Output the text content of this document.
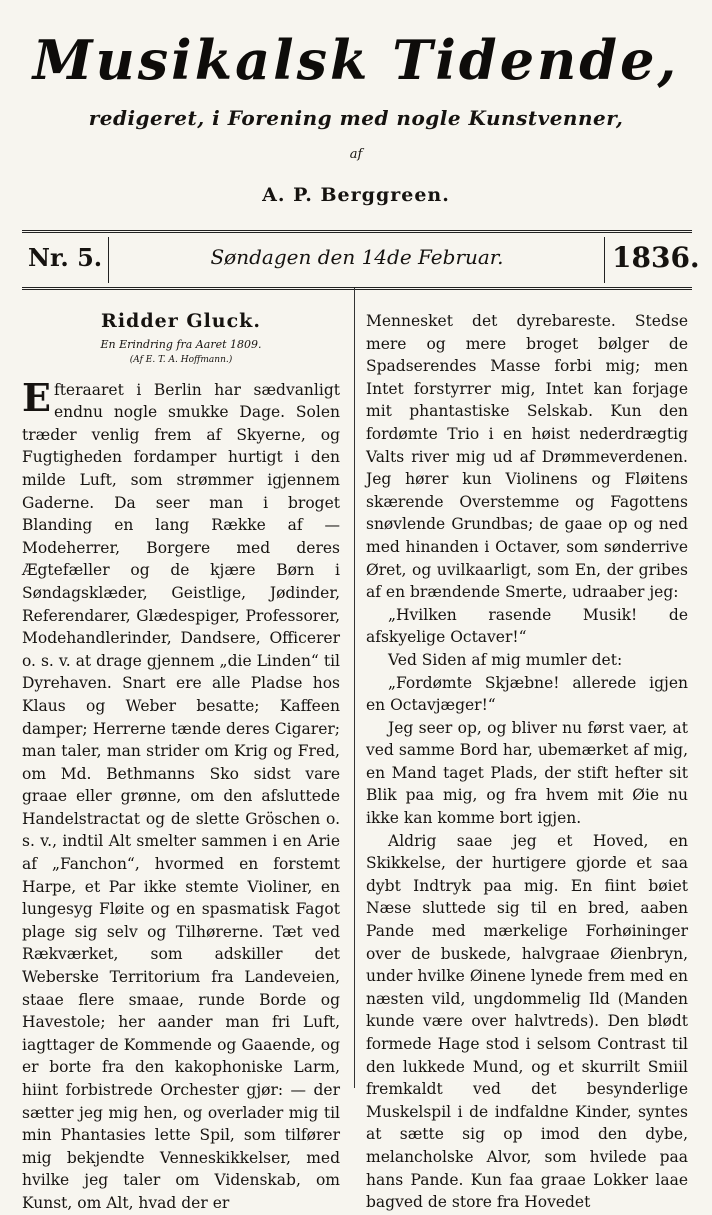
Musikalsk Tidende,
redigeret, i Forening med nogle Kunstvenner,
af
A. P. Berggreen.
Nr. 5.	Søndagen den 14de Februar.	1836.
Ridder Gluck.
En Erindring fra Aaret 1809.
(Af E. T. A. Hoffmann.)

Efteraaret i Berlin har sædvanligt endnu nogle smukke Dage. Solen træder venlig frem af Skyerne, og Fugtigheden fordamper hurtigt i den milde Luft, som strømmer igjennem Gaderne. Da seer man i broget Blanding en lang Række af — Modeherrer, Borgere med deres Ægtefæller og de kjære Børn i Søndagsklæder, Geistlige, Jødinder, Referendarer, Glædespiger, Professorer, Modehandlerinder, Dandsere, Officerer o. s. v. at drage gjennem „die Linden“ til Dyrehaven. Snart ere alle Pladse hos Klaus og Weber besatte; Kaffeen damper; Herrerne tænde deres Cigarer; man taler, man strider om Krig og Fred, om Md. Bethmanns Sko sidst vare graae eller grønne, om den afsluttede Handelstractat og de slette Gröschen o. s. v., indtil Alt smelter sammen i en Arie af „Fanchon“, hvormed en forstemt Harpe, et Par ikke stemte Violiner, en lungesyg Fløite og en spasmatisk Fagot plage sig selv og Tilhørerne. Tæt ved Rækværket, som adskiller det Weberske Territorium fra Landeveien, staae flere smaae, runde Borde og Havestole; her aander man fri Luft, iagttager de Kommende og Gaaende, og er borte fra den kakophoniske Larm, hiint forbistrede Orchester gjør: — der sætter jeg mig hen, og overlader mig til min Phantasies lette Spil, som tilfører mig bekjendte Venneskikkelser, med hvilke jeg taler om Videnskab, om Kunst, om Alt, hvad der er

Mennesket det dyrebareste. Stedse mere og mere broget bølger de Spadserendes Masse forbi mig; men Intet forstyrrer mig, Intet kan forjage mit phantastiske Selskab. Kun den fordømte Trio i en høist nederdrægtig Valts river mig ud af Drømmeverdenen. Jeg hører kun Violinens og Fløitens skærende Overstemme og Fagottens snøvlende Grundbas; de gaae op og ned med hinanden i Octaver, som sønderrive Øret, og uvilkaarligt, som En, der gribes af en brændende Smerte, udraaber jeg:

„Hvilken rasende Musik! de afskyelige Octaver!“

Ved Siden af mig mumler det:

„Fordømte Skjæbne! allerede igjen en Octavjæger!“

Jeg seer op, og bliver nu først vaer, at ved samme Bord har, ubemærket af mig, en Mand taget Plads, der stift hefter sit Blik paa mig, og fra hvem mit Øie nu ikke kan komme bort igjen.

Aldrig saae jeg et Hoved, en Skikkelse, der hurtigere gjorde et saa dybt Indtryk paa mig. En fiint bøiet Næse sluttede sig til en bred, aaben Pande med mærkelige Forhøininger over de buskede, halvgraae Øienbryn, under hvilke Øinene lynede frem med en næsten vild, ungdommelig Ild (Manden kunde være over halvtreds). Den blødt formede Hage stod i selsom Contrast til den lukkede Mund, og et skurrilt Smiil fremkaldt ved det besynderlige Muskelspil i de indfaldne Kinder, syntes at sætte sig op imod den dybe, melancholske Alvor, som hvilede paa hans Pande. Kun faa graae Lokker laae bagved de store fra Hovedet
